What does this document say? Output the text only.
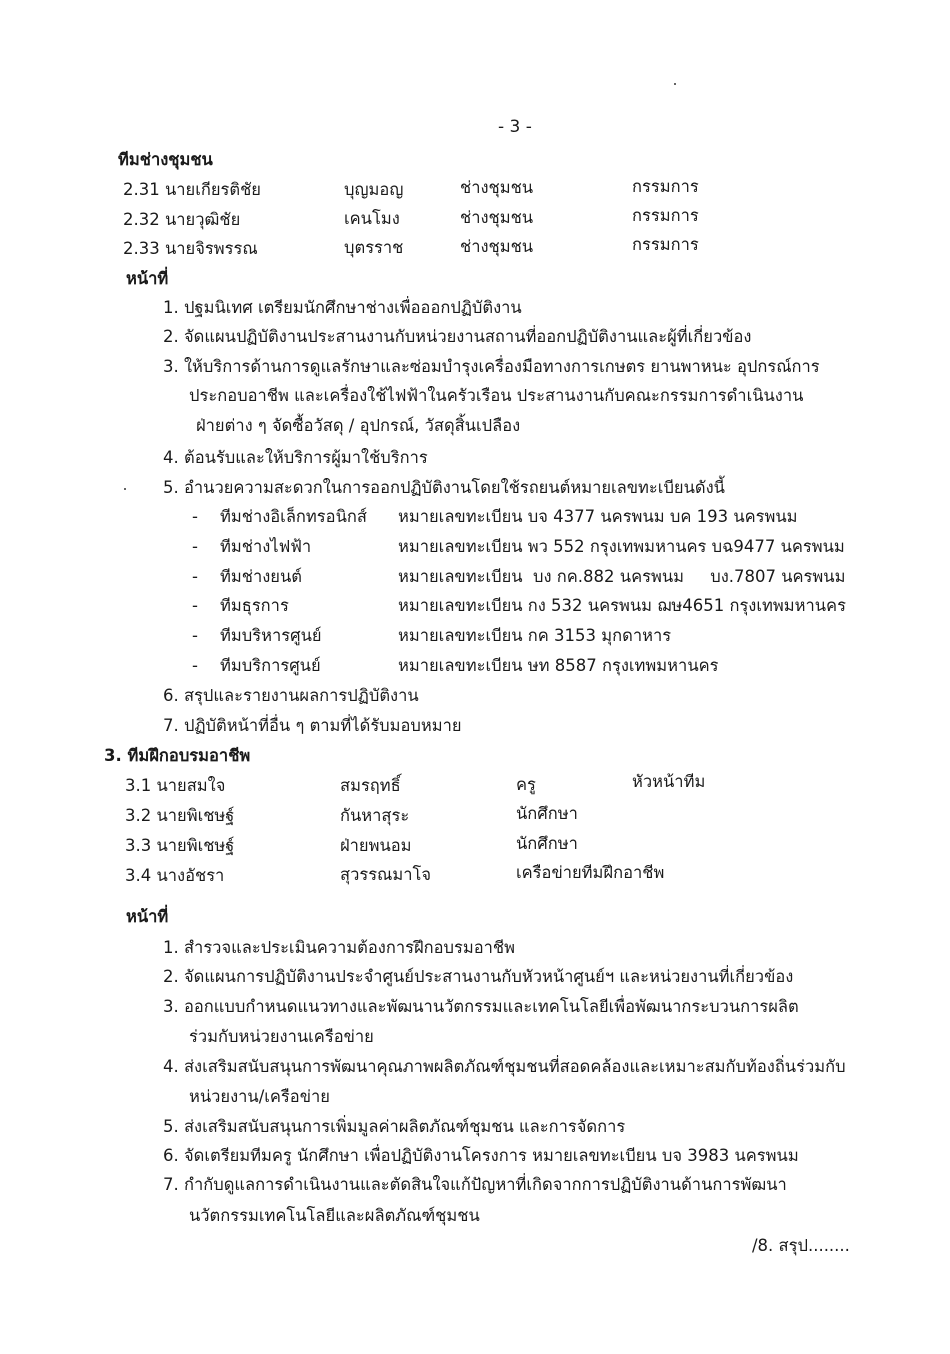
- 3 -
ทีมช่างชุมชน
2.31 นายเกียรติชัย	บุญมอญ	ช่างชุมชน	กรรมการ
2.32 นายวุฒิชัย	เคนโมง	ช่างชุมชน	กรรมการ
2.33 นายจิรพรรณ	บุตรราช	ช่างชุมชน	กรรมการ
หน้าที่
1. ปฐมนิเทศ เตรียมนักศึกษาช่างเพื่อออกปฏิบัติงาน
2. จัดแผนปฏิบัติงานประสานงานกับหน่วยงานสถานที่ออกปฏิบัติงานและผู้ที่เกี่ยวข้อง
3. ให้บริการด้านการดูแลรักษาและซ่อมบำรุงเครื่องมือทางการเกษตร ยานพาหนะ อุปกรณ์การ
ประกอบอาชีพ และเครื่องใช้ไฟฟ้าในครัวเรือน ประสานงานกับคณะกรรมการดำเนินงาน
ฝ่ายต่าง ๆ จัดซื้อวัสดุ / อุปกรณ์, วัสดุสิ้นเปลือง
4. ต้อนรับและให้บริการผู้มาใช้บริการ
5. อำนวยความสะดวกในการออกปฏิบัติงานโดยใช้รถยนต์หมายเลขทะเบียนดังนี้
- ทีมช่างอิเล็กทรอนิกส์ หมายเลขทะเบียน บจ 4377 นครพนม บค 193 นครพนม
- ทีมช่างไฟฟ้า	หมายเลขทะเบียน พว 552 กรุงเทพมหานคร บฉ9477 นครพนม
- ทีมช่างยนต์	หมายเลขทะเบียน  บง กค.882 นครพนม     บง.7807 นครพนม
- ทีมธุรการ	หมายเลขทะเบียน กง 532 นครพนม ฌษ4651 กรุงเทพมหานคร
- ทีมบริหารศูนย์	หมายเลขทะเบียน กค 3153 มุกดาหาร
- ทีมบริการศูนย์	หมายเลขทะเบียน ษท 8587 กรุงเทพมหานคร
6. สรุปและรายงานผลการปฏิบัติงาน
7. ปฏิบัติหน้าที่อื่น ๆ ตามที่ได้รับมอบหมาย
3. ทีมฝึกอบรมอาชีพ
3.1 นายสมใจ	สมรฤทธิ์	ครู	หัวหน้าทีม
3.2 นายพิเชษฐ์	กันหาสุระ	นักศึกษา
3.3 นายพิเชษฐ์	ฝ่ายพนอม	นักศึกษา
3.4 นางอัชรา	สุวรรณมาโจ	เครือข่ายทีมฝึกอาชีพ
หน้าที่
1. สำรวจและประเมินความต้องการฝึกอบรมอาชีพ
2. จัดแผนการปฏิบัติงานประจำศูนย์ประสานงานกับหัวหน้าศูนย์ฯ และหน่วยงานที่เกี่ยวข้อง
3. ออกแบบกำหนดแนวทางและพัฒนานวัตกรรมและเทคโนโลยีเพื่อพัฒนากระบวนการผลิต
ร่วมกับหน่วยงานเครือข่าย
4. ส่งเสริมสนับสนุนการพัฒนาคุณภาพผลิตภัณฑ์ชุมชนที่สอดคล้องและเหมาะสมกับท้องถิ่นร่วมกับ
หน่วยงาน/เครือข่าย
5. ส่งเสริมสนับสนุนการเพิ่มมูลค่าผลิตภัณฑ์ชุมชน และการจัดการ
6. จัดเตรียมทีมครู นักศึกษา เพื่อปฏิบัติงานโครงการ หมายเลขทะเบียน บจ 3983 นครพนม
7. กำกับดูแลการดำเนินงานและตัดสินใจแก้ปัญหาที่เกิดจากการปฏิบัติงานด้านการพัฒนา
นวัตกรรมเทคโนโลยีและผลิตภัณฑ์ชุมชน
/8. สรุป........
